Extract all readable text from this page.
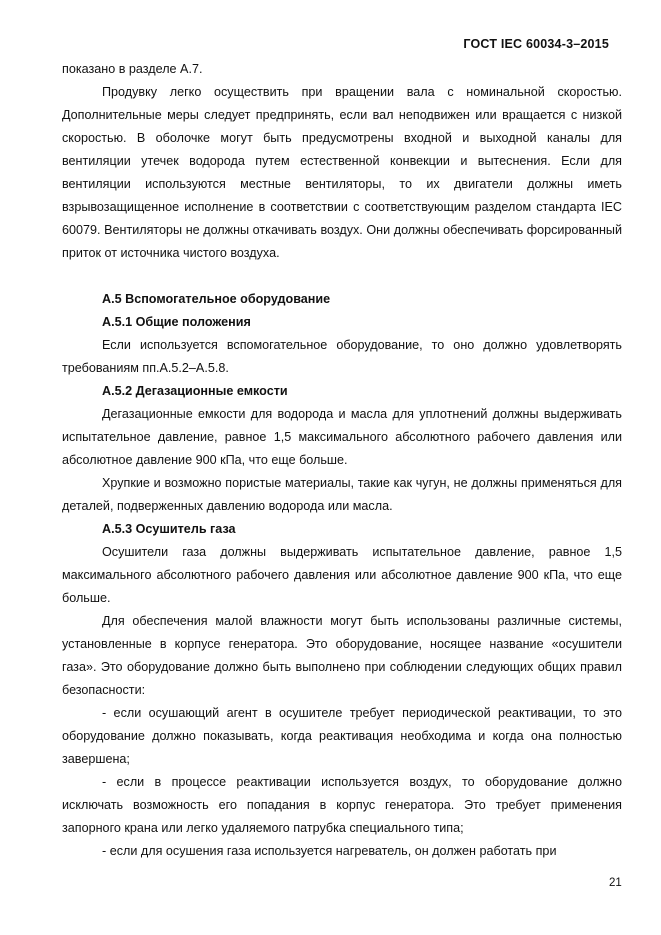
ГОСТ IEC 60034-3–2015

показано в разделе А.7.

Продувку легко осуществить при вращении вала с номинальной скоростью. Дополнительные меры следует предпринять, если вал неподвижен или вращается с низкой скоростью. В оболочке могут быть предусмотрены входной и выходной каналы для вентиляции утечек водорода путем естественной конвекции и вытеснения. Если для вентиляции используются местные вентиляторы, то их двигатели должны иметь взрывозащищенное исполнение в соответствии с соответствующим разделом стандарта IEC 60079. Вентиляторы не должны откачивать воздух. Они должны обеспечивать форсированный приток от источника чистого воздуха.

А.5 Вспомогательное оборудование
А.5.1 Общие положения

Если используется вспомогательное оборудование, то оно должно удовлетворять требованиям пп.А.5.2–А.5.8.

А.5.2 Дегазационные емкости

Дегазационные емкости для водорода и масла для уплотнений должны выдерживать испытательное давление, равное 1,5 максимального абсолютного рабочего давления или абсолютное давление 900 кПа, что еще больше.

Хрупкие и возможно пористые материалы, такие как чугун, не должны применяться для деталей, подверженных давлению водорода или масла.

А.5.3 Осушитель газа

Осушители газа должны выдерживать испытательное давление, равное 1,5 максимального абсолютного рабочего давления или абсолютное давление 900 кПа, что еще больше.

Для обеспечения малой влажности могут быть использованы различные системы, установленные в корпусе генератора. Это оборудование, носящее название «осушители газа». Это оборудование должно быть выполнено при соблюдении следующих общих правил безопасности:

- если осушающий агент в осушителе требует периодической реактивации, то это оборудование должно показывать, когда реактивация необходима и когда она полностью завершена;

- если в процессе реактивации используется воздух, то оборудование должно исключать возможность его попадания в корпус генератора. Это требует применения запорного крана или легко удаляемого патрубка специального типа;

- если для осушения газа используется нагреватель, он должен работать при

21
